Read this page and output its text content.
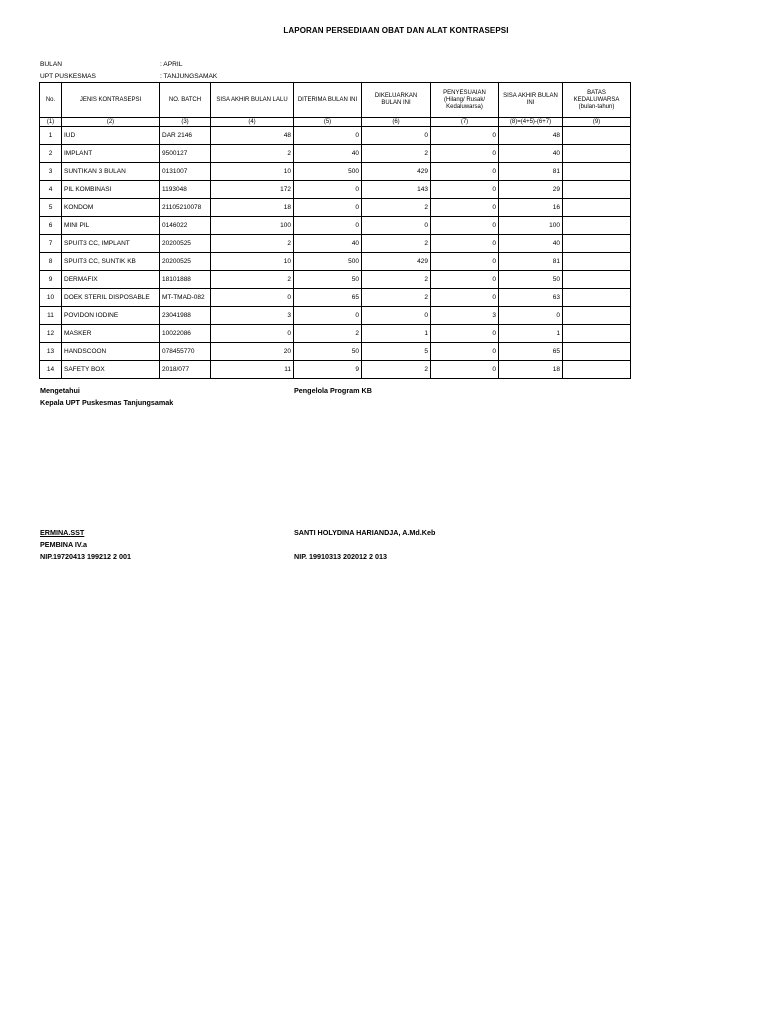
LAPORAN PERSEDIAAN OBAT DAN ALAT KONTRASEPSI
BULAN	: APRIL
UPT PUSKESMAS	: TANJUNGSAMAK
No.	JENIS KONTRASEPSI	NO. BATCH	SISA AKHIR BULAN LALU	DITERIMA BULAN INI	DIKELUARKAN BULAN INI	PENYESUAIAN (Hilang/ Rusak/ Kedaluwarsa)	SISA AKHIR BULAN INI	BATAS KEDALUWARSA (bulan-tahun)
(1)	(2)	(3)	(4)	(5)	(6)	(7)	(8)=(4+5)-(6+7)	(9)
1	IUD	DAR 2146	48	0	0	0	48	
2	IMPLANT	9500127	2	40	2	0	40	
3	SUNTIKAN 3 BULAN	0131007	10	500	429	0	81	
4	PIL KOMBINASI	1193048	172	0	143	0	29	
5	KONDOM	21105210078	18	0	2	0	16	
6	MINI PIL	0146022	100	0	0	0	100	
7	SPUIT3 CC, IMPLANT	20200525	2	40	2	0	40	
8	SPUIT3 CC, SUNTIK KB	20200525	10	500	429	0	81	
9	DERMAFIX	18101888	2	50	2	0	50	
10	DOEK STERIL DISPOSABLE	MT-TMAD-082	0	65	2	0	63	
11	POVIDON IODINE	23041988	3	0	0	3	0	
12	MASKER	10022086	0	2	1	0	1	
13	HANDSCOON	078455770	20	50	5	0	65	
14	SAFETY BOX	2018/077	11	9	2	0	18	
Mengetahui
Kepala UPT Puskesmas Tanjungsamak
Pengelola Program KB
ERMINA.SST
PEMBINA IV.a
NIP.19720413 199212 2 001
SANTI HOLYDINA HARIANDJA, A.Md.Keb
NIP. 19910313 202012 2 013
